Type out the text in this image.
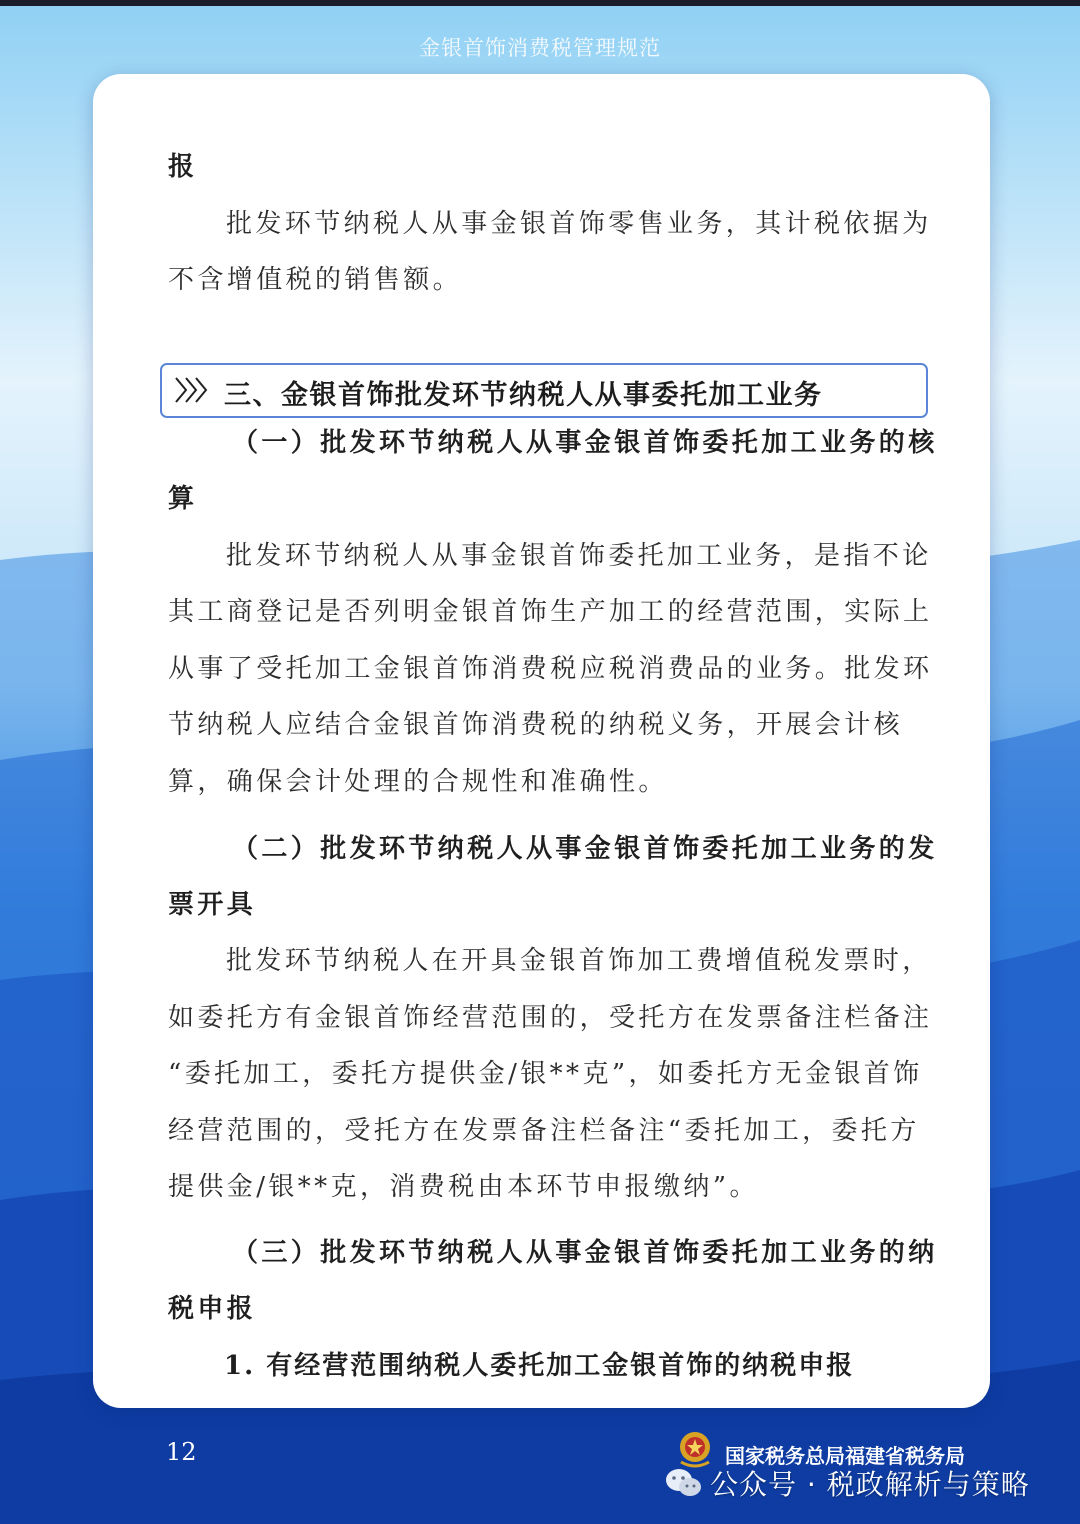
金银首饰消费税管理规范

报

批发环节纳税人从事金银首饰零售业务，其计税依据为

不含增值税的销售额。

三、金银首饰批发环节纳税人从事委托加工业务

（一）批发环节纳税人从事金银首饰委托加工业务的核

算

批发环节纳税人从事金银首饰委托加工业务，是指不论

其工商登记是否列明金银首饰生产加工的经营范围，实际上

从事了受托加工金银首饰消费税应税消费品的业务。批发环

节纳税人应结合金银首饰消费税的纳税义务，开展会计核

算，确保会计处理的合规性和准确性。

（二）批发环节纳税人从事金银首饰委托加工业务的发

票开具

批发环节纳税人在开具金银首饰加工费增值税发票时，

如委托方有金银首饰经营范围的，受托方在发票备注栏备注

“委托加工，委托方提供金/银**克”，如委托方无金银首饰

经营范围的，受托方在发票备注栏备注“委托加工，委托方

提供金/银**克，消费税由本环节申报缴纳”。

（三）批发环节纳税人从事金银首饰委托加工业务的纳

税申报

1. 有经营范围纳税人委托加工金银首饰的纳税申报

12	国家税务总局福建省税务局
公众号 · 税政解析与策略
